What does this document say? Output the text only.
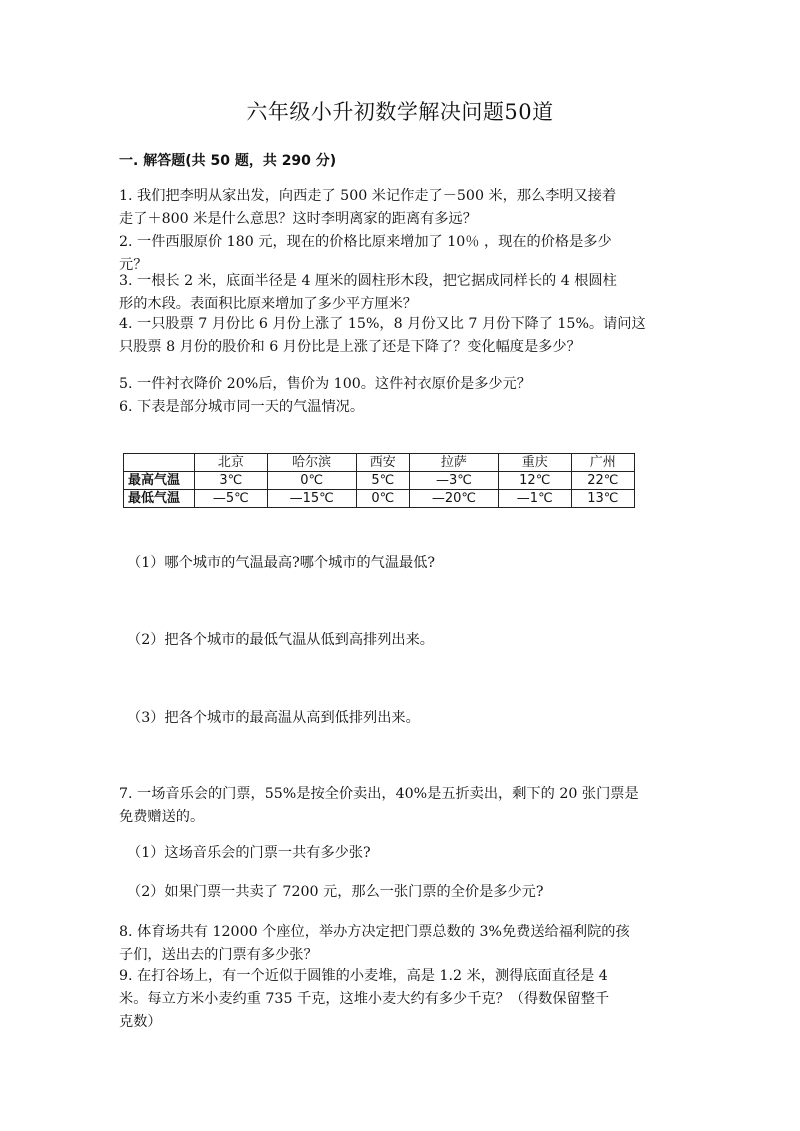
六年级小升初数学解决问题50道
一. 解答题(共 50 题，共 290 分)
1. 我们把李明从家出发，向西走了 500 米记作走了－500 米，那么李明又接着
走了＋800 米是什么意思？这时李明离家的距离有多远？
2. 一件西服原价 180 元，现在的价格比原来增加了 10％ ，现在的价格是多少
元？
3. 一根长 2 米，底面半径是 4 厘米的圆柱形木段，把它据成同样长的 4 根圆柱
形的木段。表面积比原来增加了多少平方厘米？
4. 一只股票 7 月份比 6 月份上涨了 15%，8 月份又比 7 月份下降了 15%。请问这
只股票 8 月份的股价和 6 月份比是上涨了还是下降了？变化幅度是多少？
5. 一件衬衣降价 20%后，售价为 100。这件衬衣原价是多少元？
6. 下表是部分城市同一天的气温情况。
	北京	哈尔滨	西安	拉萨	重庆	广州
最高气温	3℃	0℃	5℃	—3℃	12℃	22℃
最低气温	—5℃	—15℃	0℃	—20℃	—1℃	13℃
（1）哪个城市的气温最高?哪个城市的气温最低?
（2）把各个城市的最低气温从低到高排列出来。
（3）把各个城市的最高温从高到低排列出来。
7. 一场音乐会的门票，55%是按全价卖出，40%是五折卖出，剩下的 20 张门票是
免费赠送的。
（1）这场音乐会的门票一共有多少张?
（2）如果门票一共卖了 7200 元，那么一张门票的全价是多少元?
8. 体育场共有 12000 个座位，举办方决定把门票总数的 3%免费送给福利院的孩
子们，送出去的门票有多少张？
9. 在打谷场上，有一个近似于圆锥的小麦堆，高是 1.2 米，测得底面直径是 4
米。每立方米小麦约重 735 千克，这堆小麦大约有多少千克？（得数保留整千
克数）
